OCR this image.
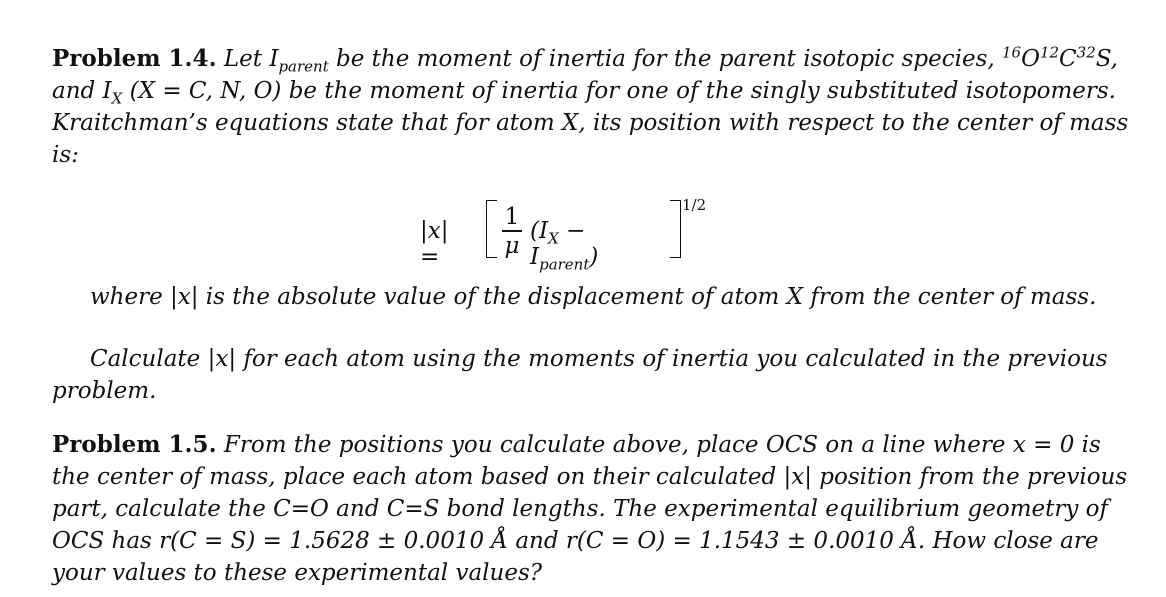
Problem 1.4. Let $I_{parent}$ be the moment of inertia for the parent isotopic species, $^{16}O^{12}C^{32}S$,
and $I_X$ (X = C, N, O) be the moment of inertia for one of the singly substituted isotopomers.
Kraitchman’s equations state that for atom X, its position with respect to the center of mass
is:
|x| =
1
μ
$(I_X - I_{parent})$
1/2
where |x| is the absolute value of the displacement of atom X from the center of mass.
Calculate |x| for each atom using the moments of inertia you calculated in the previous
problem.
Problem 1.5. From the positions you calculate above, place OCS on a line where x = 0 is
the center of mass, place each atom based on their calculated |x| position from the previous
part, calculate the C=O and C=S bond lengths. The experimental equilibrium geometry of
OCS has r(C = S) = 1.5628 ± 0.0010 Å and r(C = O) = 1.1543 ± 0.0010 Å. How close are
your values to these experimental values?
